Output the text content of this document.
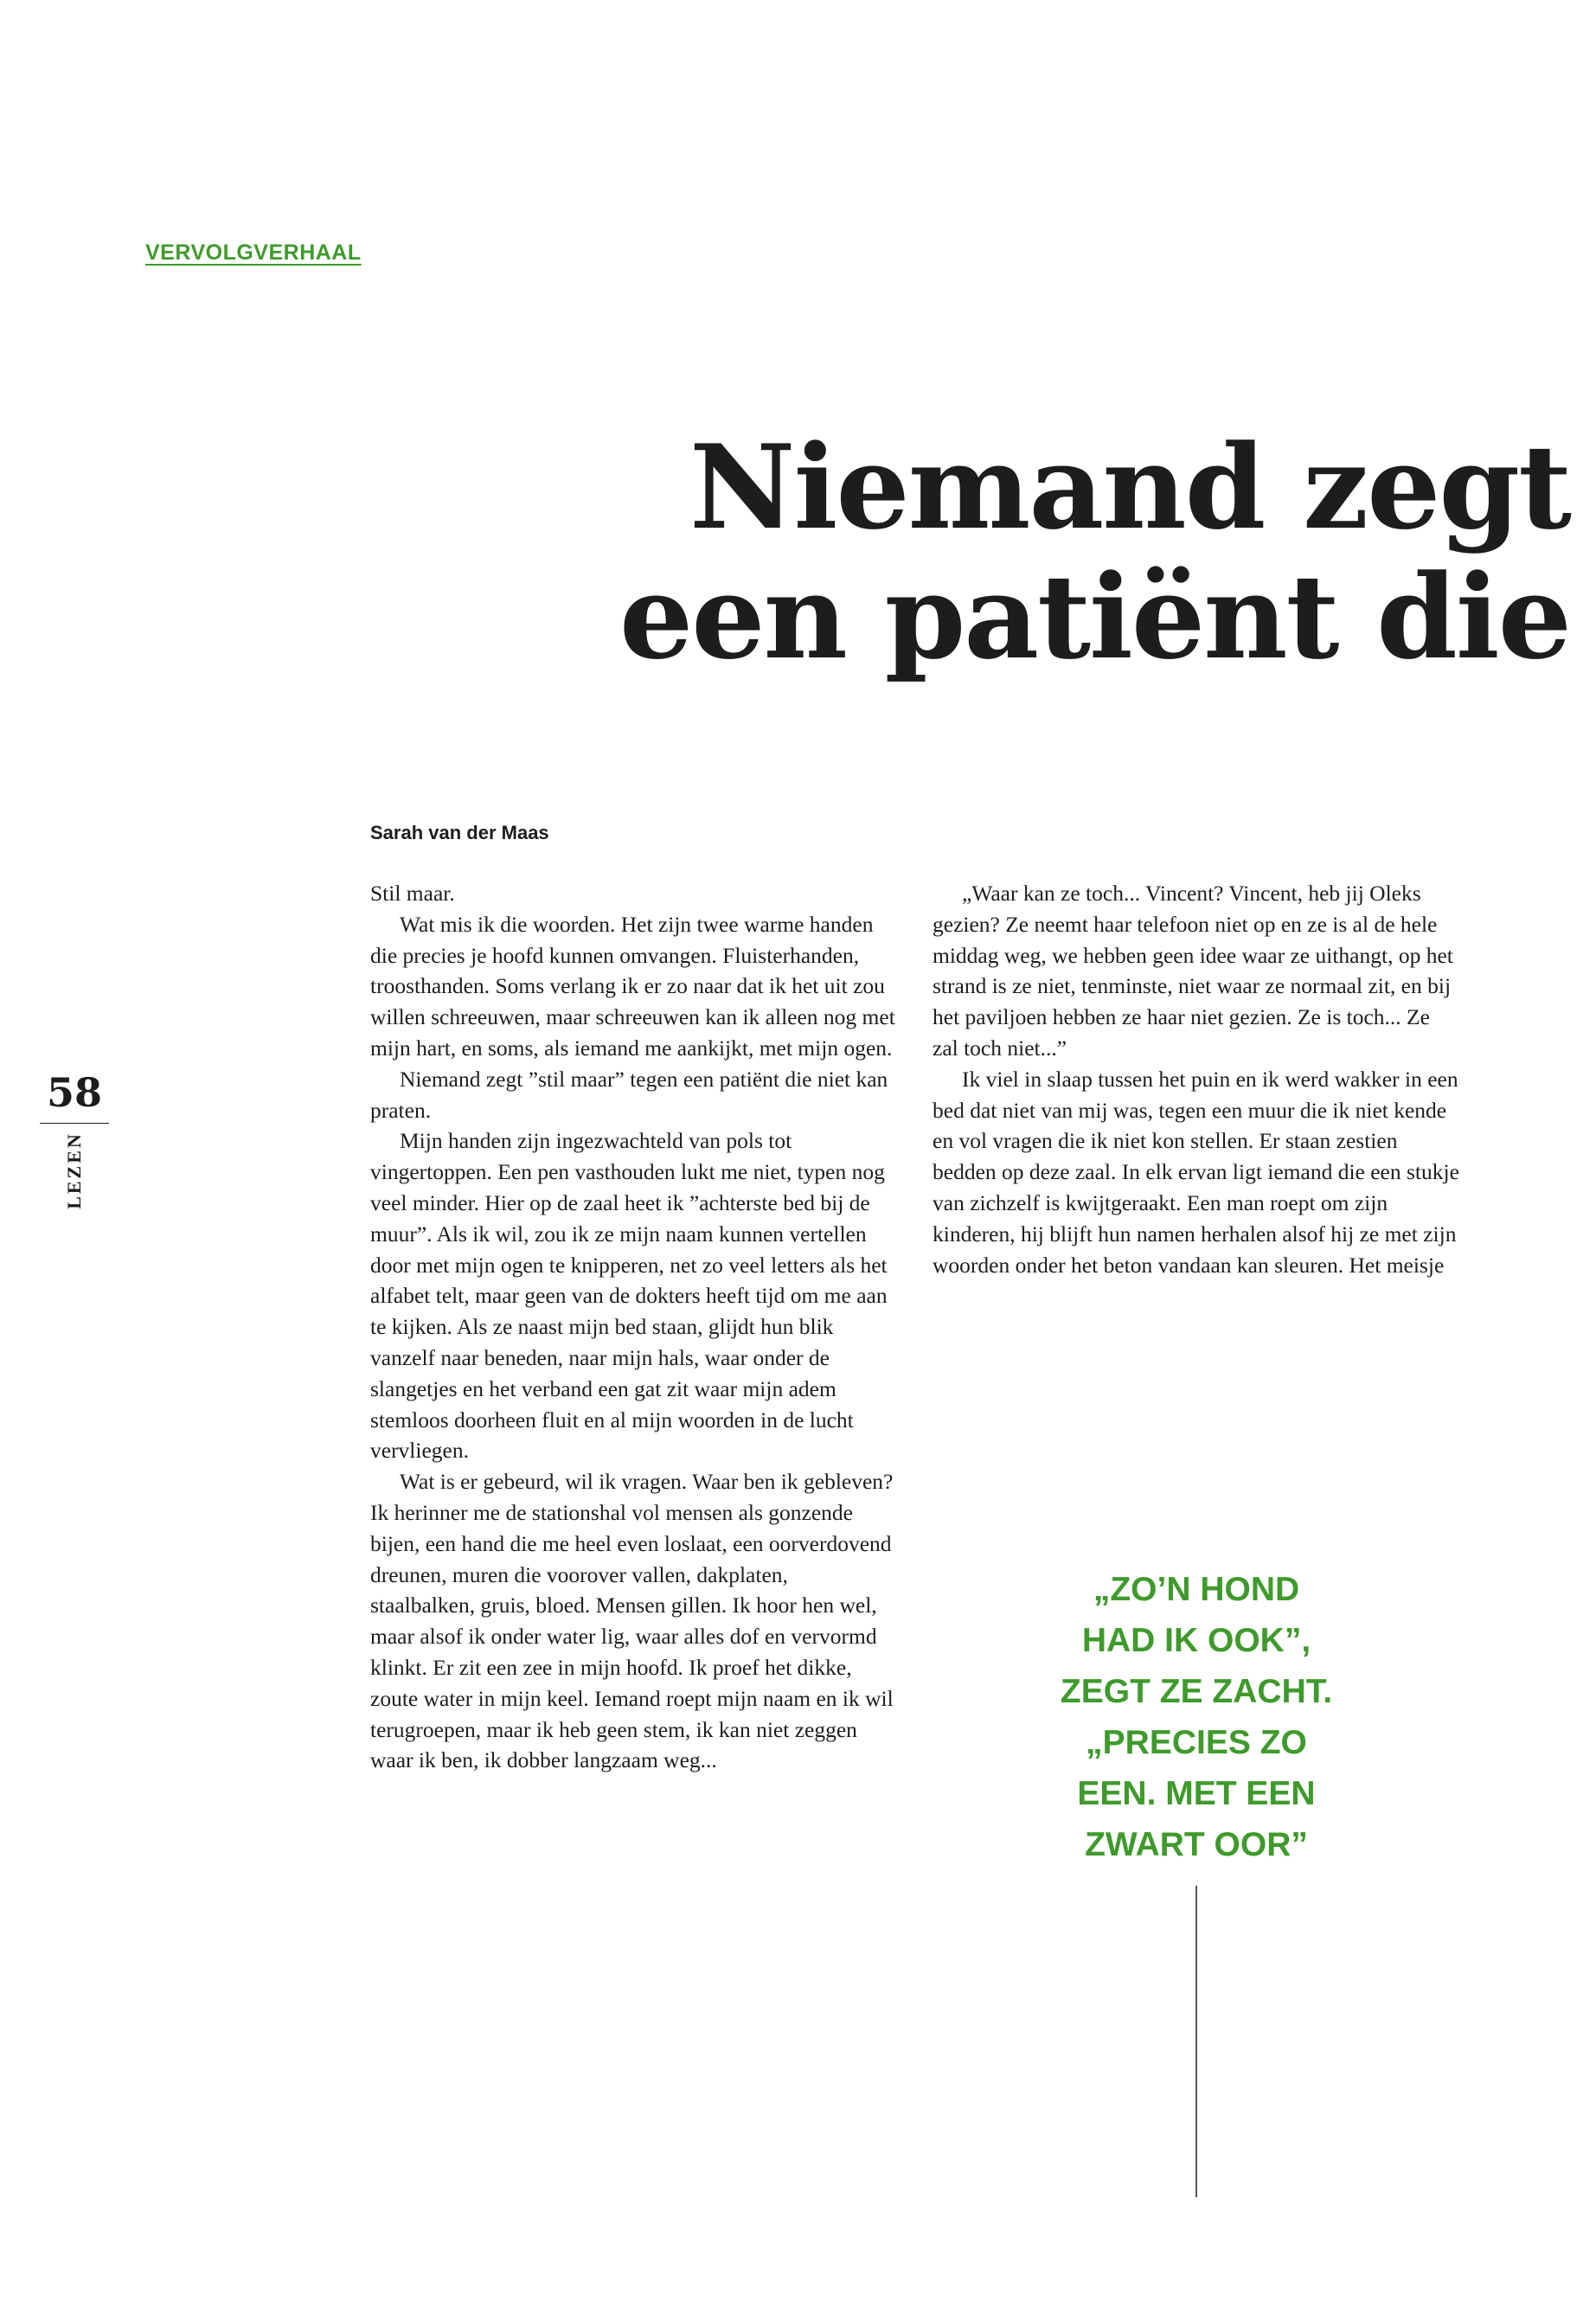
VERVOLGVERHAAL
Niemand zegt
een patiënt die
Sarah van der Maas
58
LEZEN

Stil maar.

Wat mis ik die woorden. Het zijn twee warme handen die precies je hoofd kunnen omvangen. Fluisterhanden, troosthanden. Soms verlang ik er zo naar dat ik het uit zou willen schreeuwen, maar schreeuwen kan ik alleen nog met mijn hart, en soms, als iemand me aankijkt, met mijn ogen.

Niemand zegt ”stil maar” tegen een patiënt die niet kan praten.

Mijn handen zijn ingezwachteld van pols tot vingertoppen. Een pen vasthouden lukt me niet, typen nog veel minder. Hier op de zaal heet ik ”achterste bed bij de muur”. Als ik wil, zou ik ze mijn naam kunnen vertellen door met mijn ogen te knipperen, net zo veel letters als het alfabet telt, maar geen van de dokters heeft tijd om me aan te kijken. Als ze naast mijn bed staan, glijdt hun blik vanzelf naar beneden, naar mijn hals, waar onder de slangetjes en het verband een gat zit waar mijn adem stemloos doorheen fluit en al mijn woorden in de lucht vervliegen.

Wat is er gebeurd, wil ik vragen. Waar ben ik gebleven? Ik herinner me de stationshal vol mensen als gonzende bijen, een hand die me heel even loslaat, een oorverdovend dreunen, muren die voorover vallen, dakplaten, staalbalken, gruis, bloed. Mensen gillen. Ik hoor hen wel, maar alsof ik onder water lig, waar alles dof en vervormd klinkt. Er zit een zee in mijn hoofd. Ik proef het dikke, zoute water in mijn keel. Iemand roept mijn naam en ik wil terugroepen, maar ik heb geen stem, ik kan niet zeggen waar ik ben, ik dobber langzaam weg...

„Waar kan ze toch... Vincent? Vincent, heb jij Oleks gezien? Ze neemt haar telefoon niet op en ze is al de hele middag weg, we hebben geen idee waar ze uithangt, op het strand is ze niet, tenminste, niet waar ze normaal zit, en bij het paviljoen hebben ze haar niet gezien. Ze is toch... Ze zal toch niet...”

Ik viel in slaap tussen het puin en ik werd wakker in een bed dat niet van mij was, tegen een muur die ik niet kende en vol vragen die ik niet kon stellen. Er staan zestien bedden op deze zaal. In elk ervan ligt iemand die een stukje van zichzelf is kwijtgeraakt. Een man roept om zijn kinderen, hij blijft hun namen herhalen alsof hij ze met zijn woorden onder het beton vandaan kan sleuren. Het meisje

„ZO’N HOND
HAD IK OOK”,
ZEGT ZE ZACHT.
„PRECIES ZO
EEN. MET EEN
ZWART OOR”
